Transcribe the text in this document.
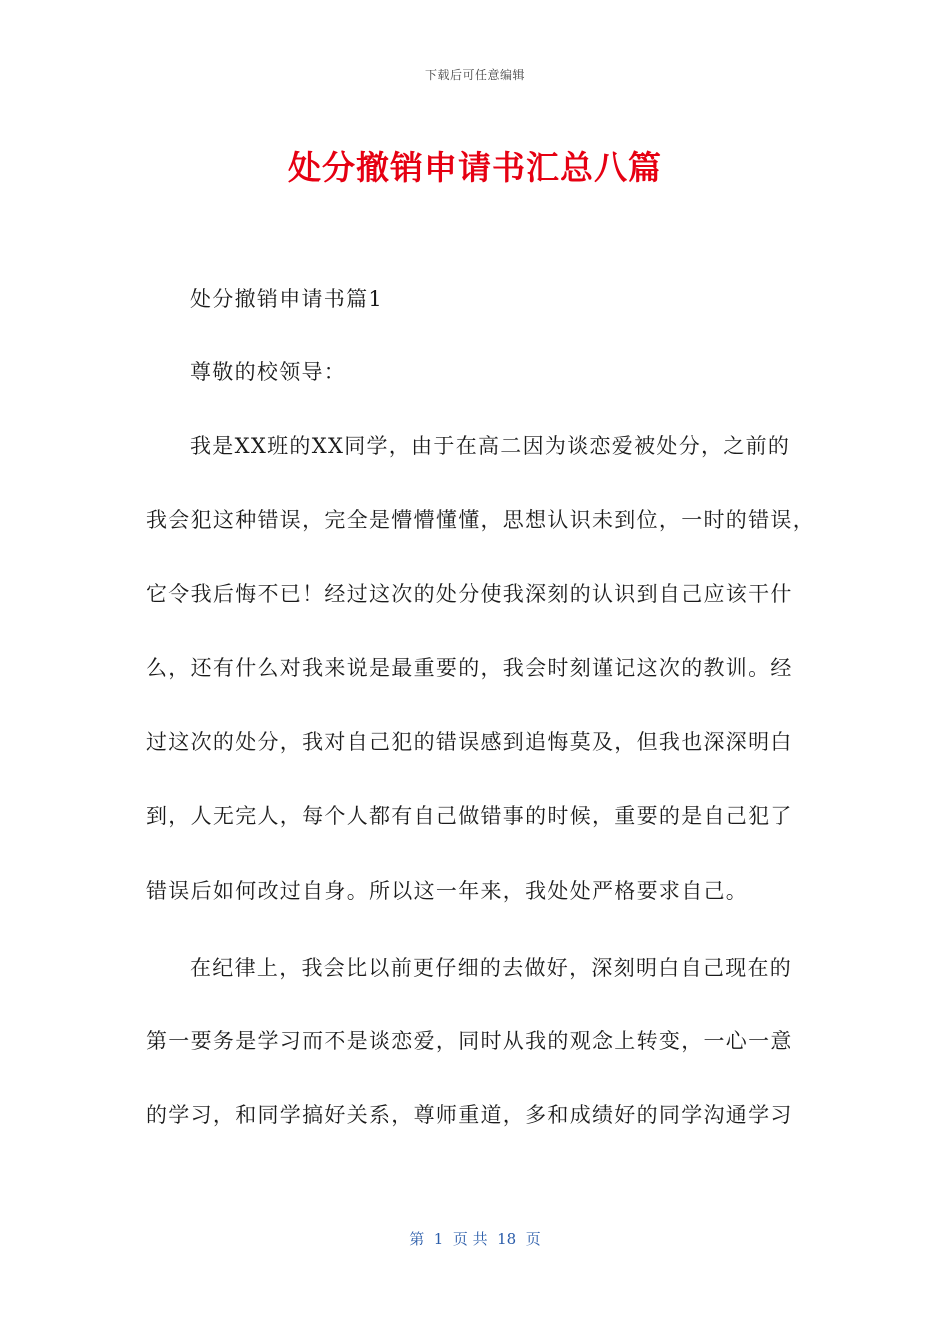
下载后可任意编辑
处分撤销申请书汇总八篇
处分撤销申请书篇1
尊敬的校领导：
我是XX班的XX同学，由于在高二因为谈恋爱被处分，之前的
我会犯这种错误，完全是懵懵懂懂，思想认识未到位，一时的错误，
它令我后悔不已！经过这次的处分使我深刻的认识到自己应该干什
么，还有什么对我来说是最重要的，我会时刻谨记这次的教训。经
过这次的处分，我对自己犯的错误感到追悔莫及，但我也深深明白
到，人无完人，每个人都有自己做错事的时候，重要的是自己犯了
错误后如何改过自身。所以这一年来，我处处严格要求自己。
在纪律上，我会比以前更仔细的去做好，深刻明白自己现在的
第一要务是学习而不是谈恋爱，同时从我的观念上转变，一心一意
的学习，和同学搞好关系，尊师重道，多和成绩好的同学沟通学习
第  1  页 共  18  页
